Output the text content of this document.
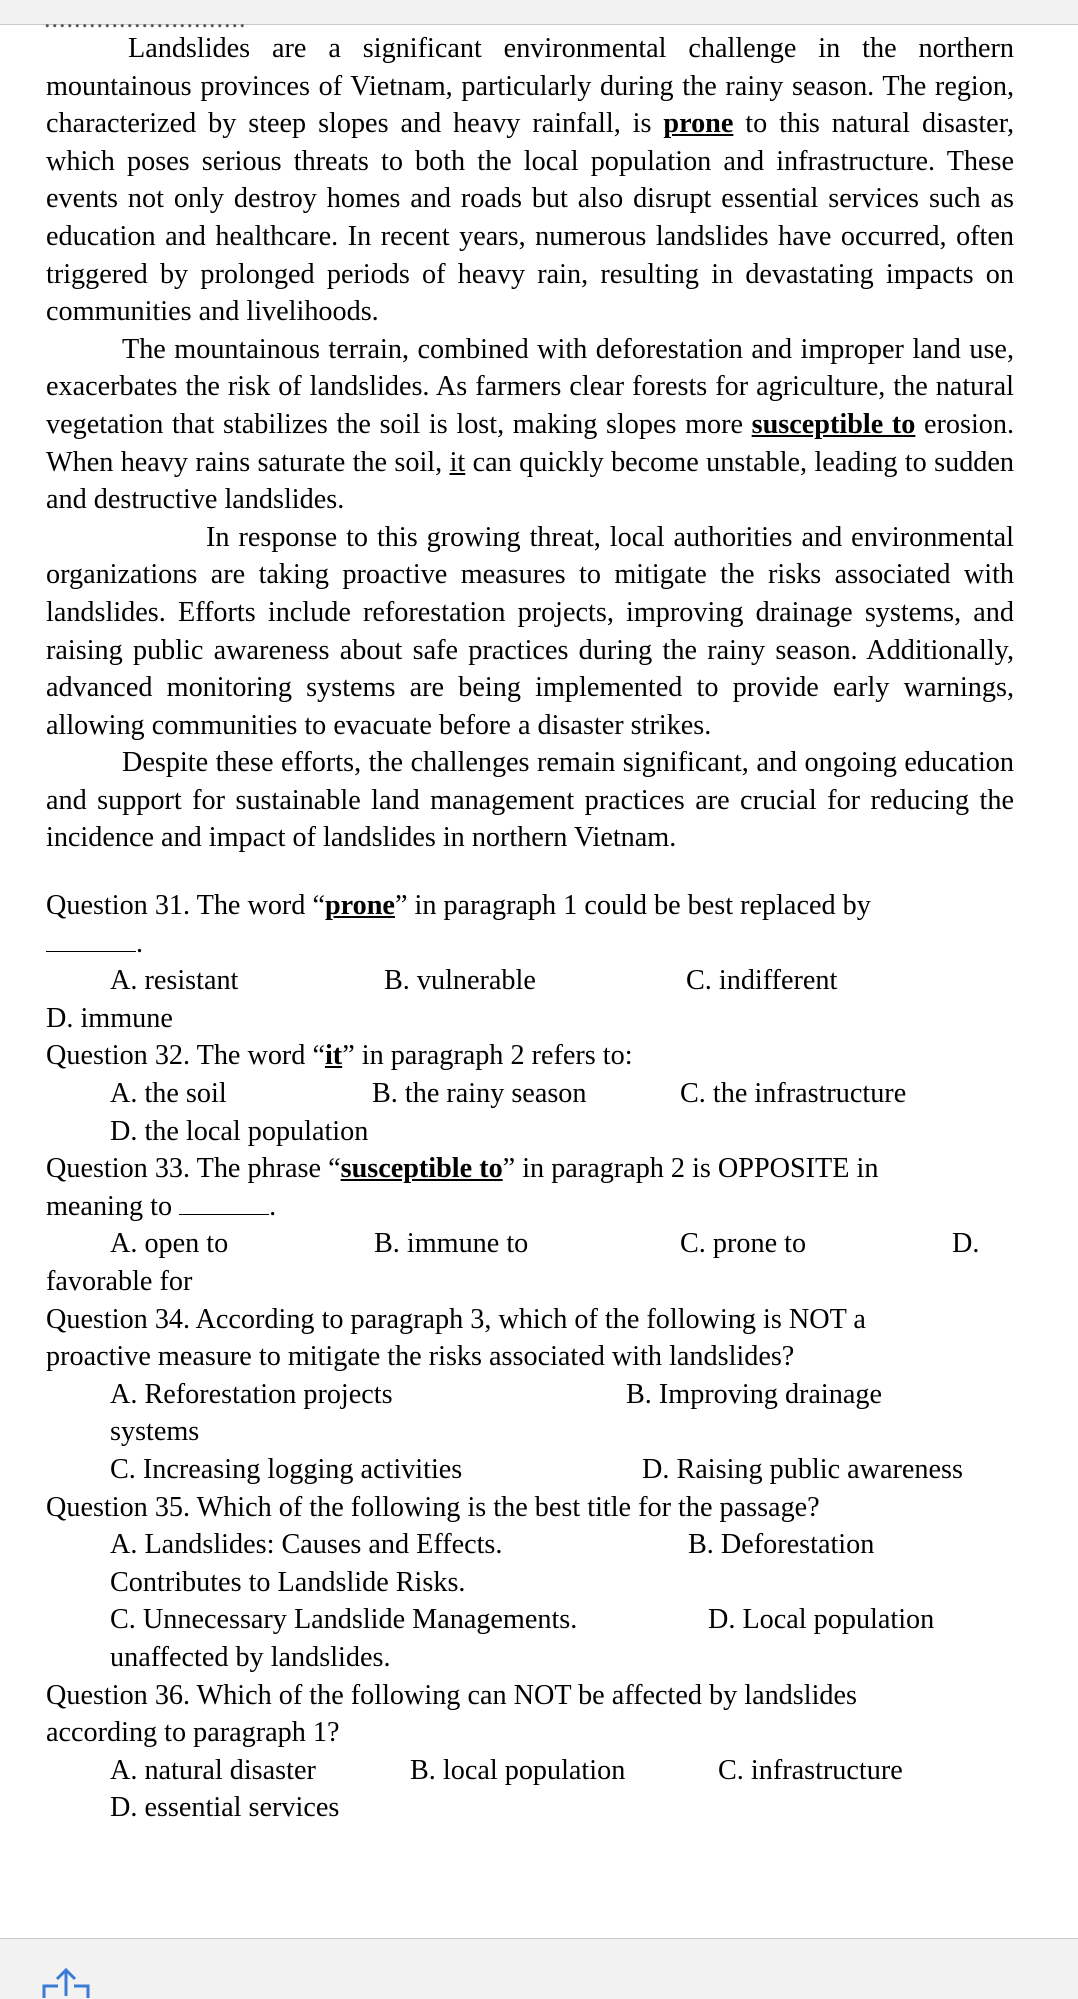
...........................

Landslides are a significant environmental challenge in the northern mountainous provinces of Vietnam, particularly during the rainy season. The region, characterized by steep slopes and heavy rainfall, is prone to this natural disaster, which poses serious threats to both the local population and infrastructure. These events not only destroy homes and roads but also disrupt essential services such as education and healthcare. In recent years, numerous landslides have occurred, often triggered by prolonged periods of heavy rain, resulting in devastating impacts on communities and livelihoods.

The mountainous terrain, combined with deforestation and improper land use, exacerbates the risk of landslides. As farmers clear forests for agriculture, the natural vegetation that stabilizes the soil is lost, making slopes more susceptible to erosion. When heavy rains saturate the soil, it can quickly become unstable, leading to sudden and destructive landslides.

In response to this growing threat, local authorities and environmental organizations are taking proactive measures to mitigate the risks associated with landslides. Efforts include reforestation projects, improving drainage systems, and raising public awareness about safe practices during the rainy season. Additionally, advanced monitoring systems are being implemented to provide early warnings, allowing communities to evacuate before a disaster strikes.

Despite these efforts, the challenges remain significant, and ongoing education and support for sustainable land management practices are crucial for reducing the incidence and impact of landslides in northern Vietnam.

Question 31. The word “prone” in paragraph 1 could be best replaced by

.

A. resistant	B. vulnerable	C. indifferent

D. immune

Question 32. The word “it” in paragraph 2 refers to:

A. the soil	B. the rainy season	C. the infrastructure

D. the local population

Question 33. The phrase “susceptible to” in paragraph 2 is OPPOSITE in

meaning to	.

A. open to	B. immune to	C. prone to	D.

favorable for

Question 34. According to paragraph 3, which of the following is NOT a

proactive measure to mitigate the risks associated with landslides?

A. Reforestation projects	B. Improving drainage

systems

C. Increasing logging activities	D. Raising public awareness

Question 35. Which of the following is the best title for the passage?

A. Landslides: Causes and Effects.	B. Deforestation

Contributes to Landslide Risks.

C. Unnecessary Landslide Managements.	D. Local population

unaffected by landslides.

Question 36. Which of the following can NOT be affected by landslides

according to paragraph 1?

A. natural disaster	B. local population	C. infrastructure

D. essential services
